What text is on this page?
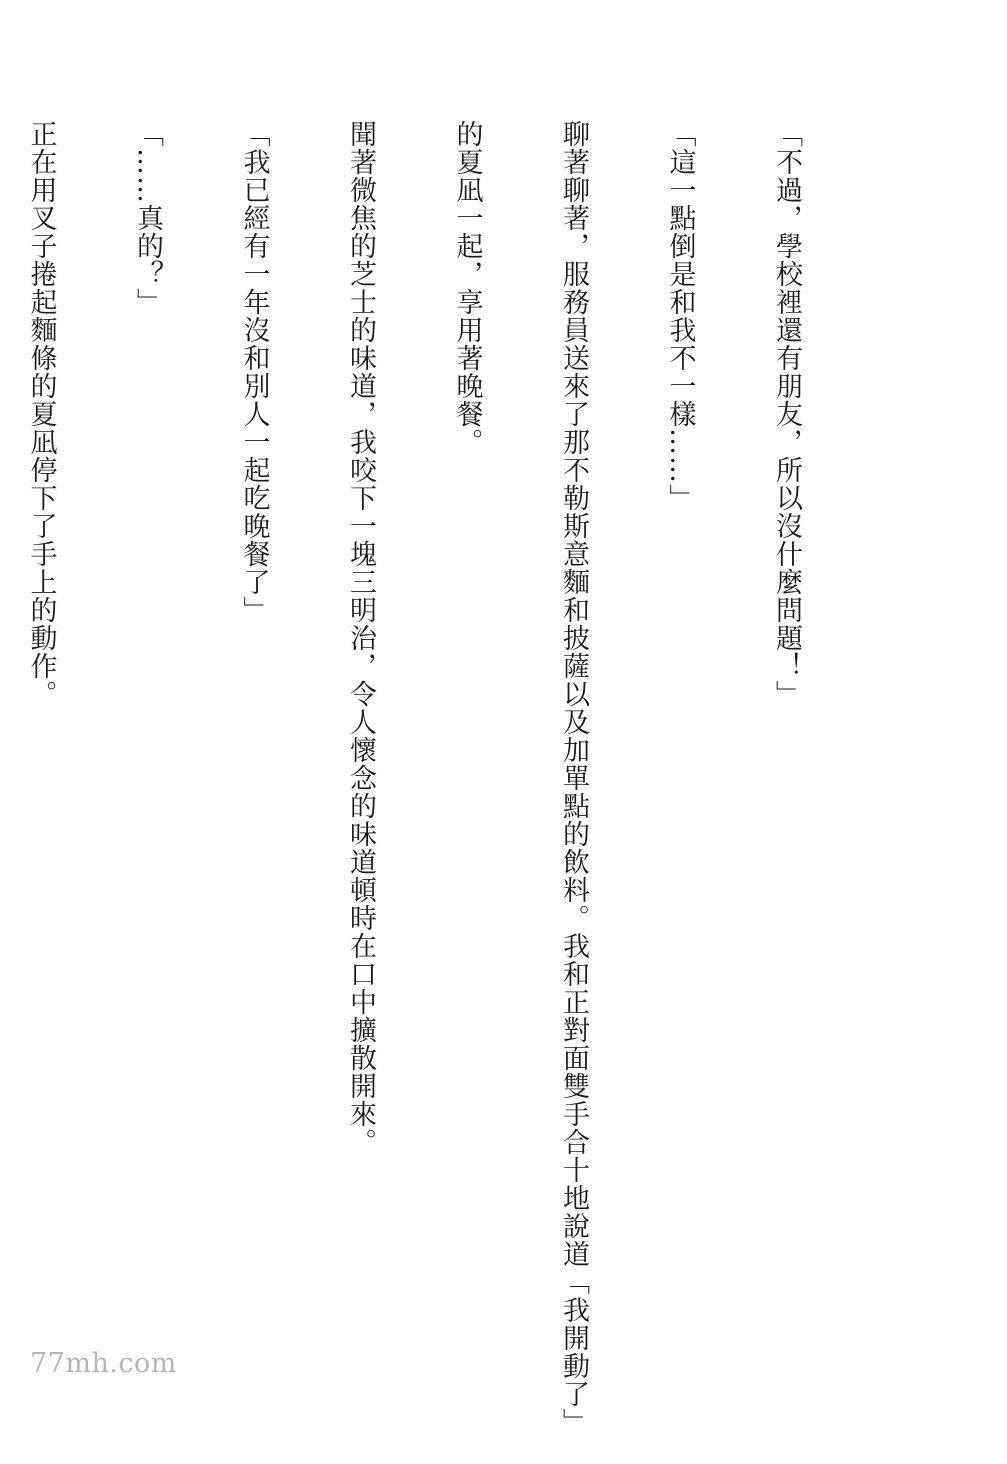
「不過，學校裡還有朋友，所以沒什麼問題！」

「這一點倒是和我不一樣……」

聊著聊著，服務員送來了那不勒斯意麵和披薩以及加單點的飲料。我和正對面雙手合十地說道「我開動了」

的夏凪一起，享用著晚餐。

聞著微焦的芝士的味道，我咬下一塊三明治，令人懷念的味道頓時在口中擴散開來。

「我已經有一年沒和別人一起吃晚餐了」

「……真的？」

正在用叉子捲起麵條的夏凪停下了手上的動作。

77mh.com
